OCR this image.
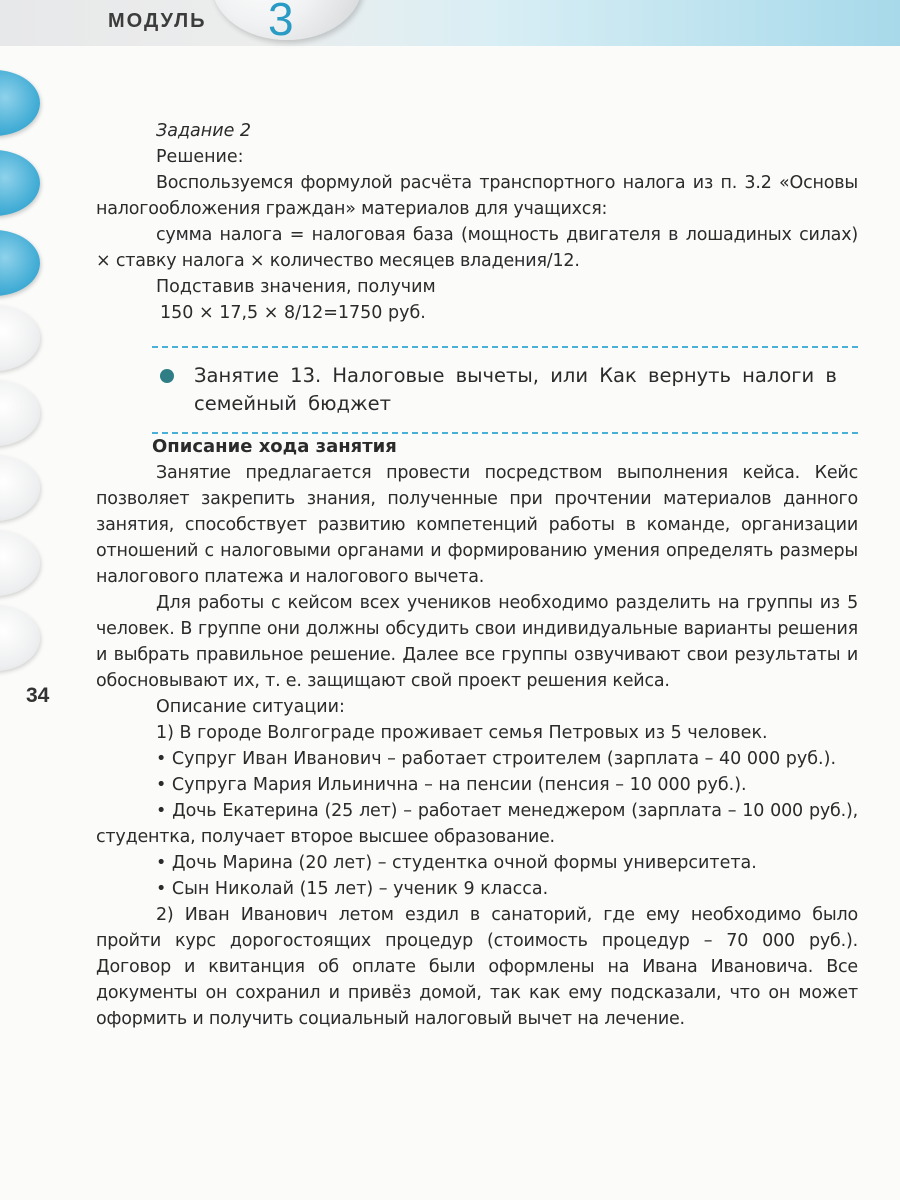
МОДУЛЬ 3
34

Задание 2

Решение:

Воспользуемся формулой расчёта транспортного налога из п. 3.2 «Основы налогообложения граждан» материалов для учащихся:

сумма налога = налоговая база (мощность двигателя в лошадиных силах) × ставку налога × количество месяцев владения/12.

Подставив значения, получим

150 × 17,5 × 8/12=1750 руб.

Занятие 13. Налоговые вычеты, или Как вернуть налоги в семейный бюджет

Описание хода занятия

Занятие предлагается провести посредством выполнения кейса. Кейс позволяет закрепить знания, полученные при прочтении материалов данного занятия, способствует развитию компетенций работы в команде, организации отношений с налоговыми органами и формированию умения определять размеры налогового платежа и налогового вычета.

Для работы с кейсом всех учеников необходимо разделить на группы из 5 человек. В группе они должны обсудить свои индивидуальные варианты решения и выбрать правильное решение. Далее все группы озвучивают свои результаты и обосновывают их, т. е. защищают свой проект решения кейса.

Описание ситуации:

1) В городе Волгограде проживает семья Петровых из 5 человек.

• Супруг Иван Иванович – работает строителем (зарплата – 40 000 руб.).

• Супруга Мария Ильинична – на пенсии (пенсия – 10 000 руб.).

• Дочь Екатерина (25 лет) – работает менеджером (зарплата – 10 000 руб.), студентка, получает второе высшее образование.

• Дочь Марина (20 лет) – студентка очной формы университета.

• Сын Николай (15 лет) – ученик 9 класса.

2) Иван Иванович летом ездил в санаторий, где ему необходимо было пройти курс дорогостоящих процедур (стоимость процедур – 70 000 руб.). Договор и квитанция об оплате были оформлены на Ивана Ивановича. Все документы он сохранил и привёз домой, так как ему подсказали, что он может оформить и получить социальный налоговый вычет на лечение.
